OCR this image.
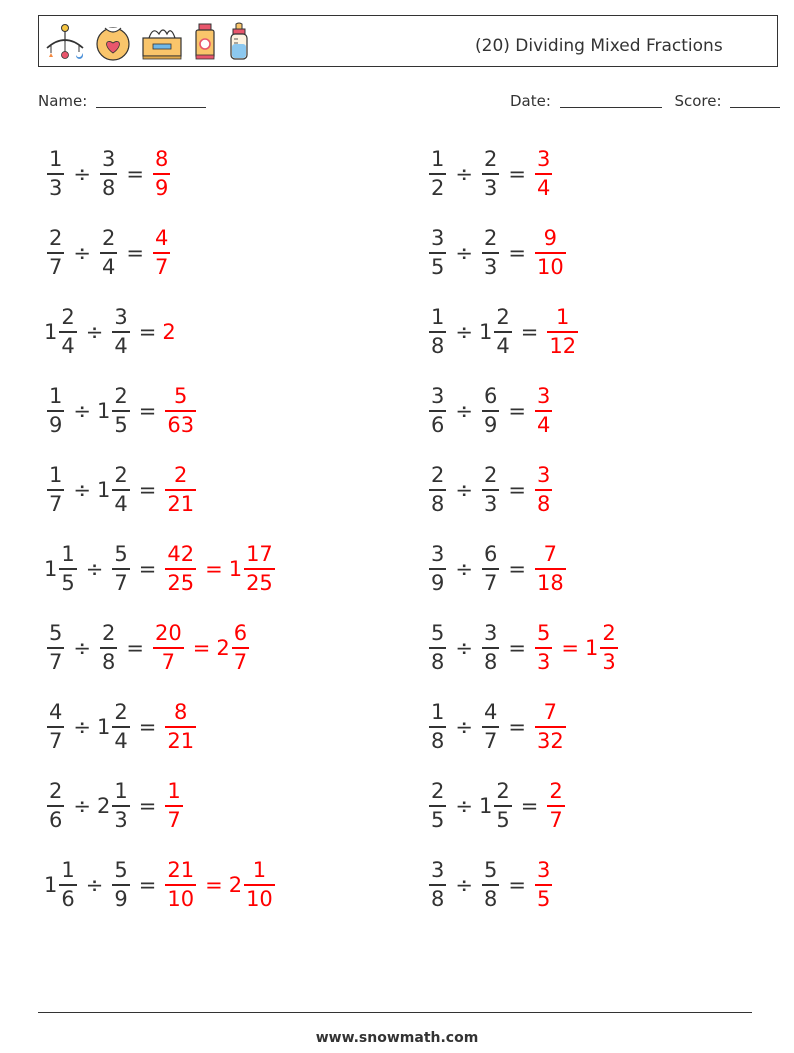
(20) Dividing Mixed Fractions
Name:	Date:	Score:
$\frac{1}{3} \div \frac{3}{8} = \frac{8}{9}$	$\frac{1}{2} \div \frac{2}{3} = \frac{3}{4}$
$\frac{2}{7} \div \frac{2}{4} = \frac{4}{7}$	$\frac{3}{5} \div \frac{2}{3} = \frac{9}{10}$
$1 \frac{2}{4} \div \frac{3}{4} = 2$	$\frac{1}{8} \div 1 \frac{2}{4} = \frac{1}{12}$
$\frac{1}{9} \div 1 \frac{2}{5} = \frac{5}{63}$	$\frac{3}{6} \div \frac{6}{9} = \frac{3}{4}$
$\frac{1}{7} \div 1 \frac{2}{4} = \frac{2}{21}$	$\frac{2}{8} \div \frac{2}{3} = \frac{3}{8}$
$1 \frac{1}{5} \div \frac{5}{7} = \frac{42}{25} = 1 \frac{17}{25}$	$\frac{3}{9} \div \frac{6}{7} = \frac{7}{18}$
$\frac{5}{7} \div \frac{2}{8} = \frac{20}{7} = 2 \frac{6}{7}$	$\frac{5}{8} \div \frac{3}{8} = \frac{5}{3} = 1 \frac{2}{3}$
$\frac{4}{7} \div 1 \frac{2}{4} = \frac{8}{21}$	$\frac{1}{8} \div \frac{4}{7} = \frac{7}{32}$
$\frac{2}{6} \div 2 \frac{1}{3} = \frac{1}{7}$	$\frac{2}{5} \div 1 \frac{2}{5} = \frac{2}{7}$
$1 \frac{1}{6} \div \frac{5}{9} = \frac{21}{10} = 2 \frac{1}{10}$	$\frac{3}{8} \div \frac{5}{8} = \frac{3}{5}$
www.snowmath.com
